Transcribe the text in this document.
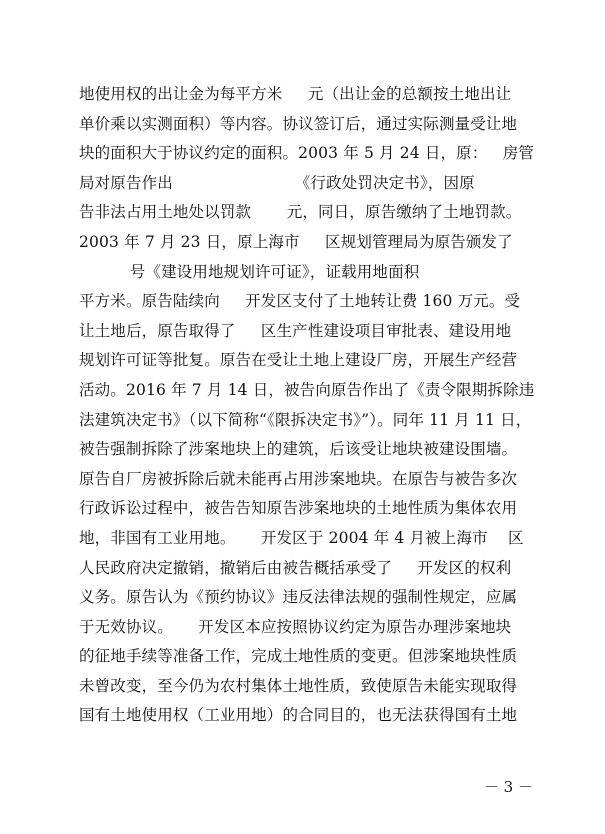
地使用权的出让金为每平方米     元（出让金的总额按土地出让
单价乘以实测面积）等内容。协议签订后，通过实际测量受让地
块的面积大于协议约定的面积。2003 年 5 月 24 日，原：   房管
局对原告作出                        《行政处罚决定书》，因原
告非法占用土地处以罚款       元，同日，原告缴纳了土地罚款。
2003 年 7 月 23 日，原上海市     区规划管理局为原告颁发了
号《建设用地规划许可证》，证载用地面积
平方米。原告陆续向     开发区支付了土地转让费 160 万元。受
让土地后，原告取得了     区生产性建设项目审批表、建设用地
规划许可证等批复。原告在受让土地上建设厂房，开展生产经营
活动。2016 年 7 月 14 日，被告向原告作出了《责令限期拆除违
法建筑决定书》（以下简称“《限拆决定书》”）。同年 11 月 11 日，
被告强制拆除了涉案地块上的建筑，后该受让地块被建设围墙。
原告自厂房被拆除后就未能再占用涉案地块。在原告与被告多次
行政诉讼过程中，被告告知原告涉案地块的土地性质为集体农用
地，非国有工业用地。     开发区于 2004 年 4 月被上海市    区
人民政府决定撤销，撤销后由被告概括承受了     开发区的权利
义务。原告认为《预约协议》违反法律法规的强制性规定，应属
于无效协议。     开发区本应按照协议约定为原告办理涉案地块
的征地手续等准备工作，完成土地性质的变更。但涉案地块性质
未曾改变，至今仍为农村集体土地性质，致使原告未能实现取得
国有土地使用权（工业用地）的合同目的，也无法获得国有土地
－ 3 －
